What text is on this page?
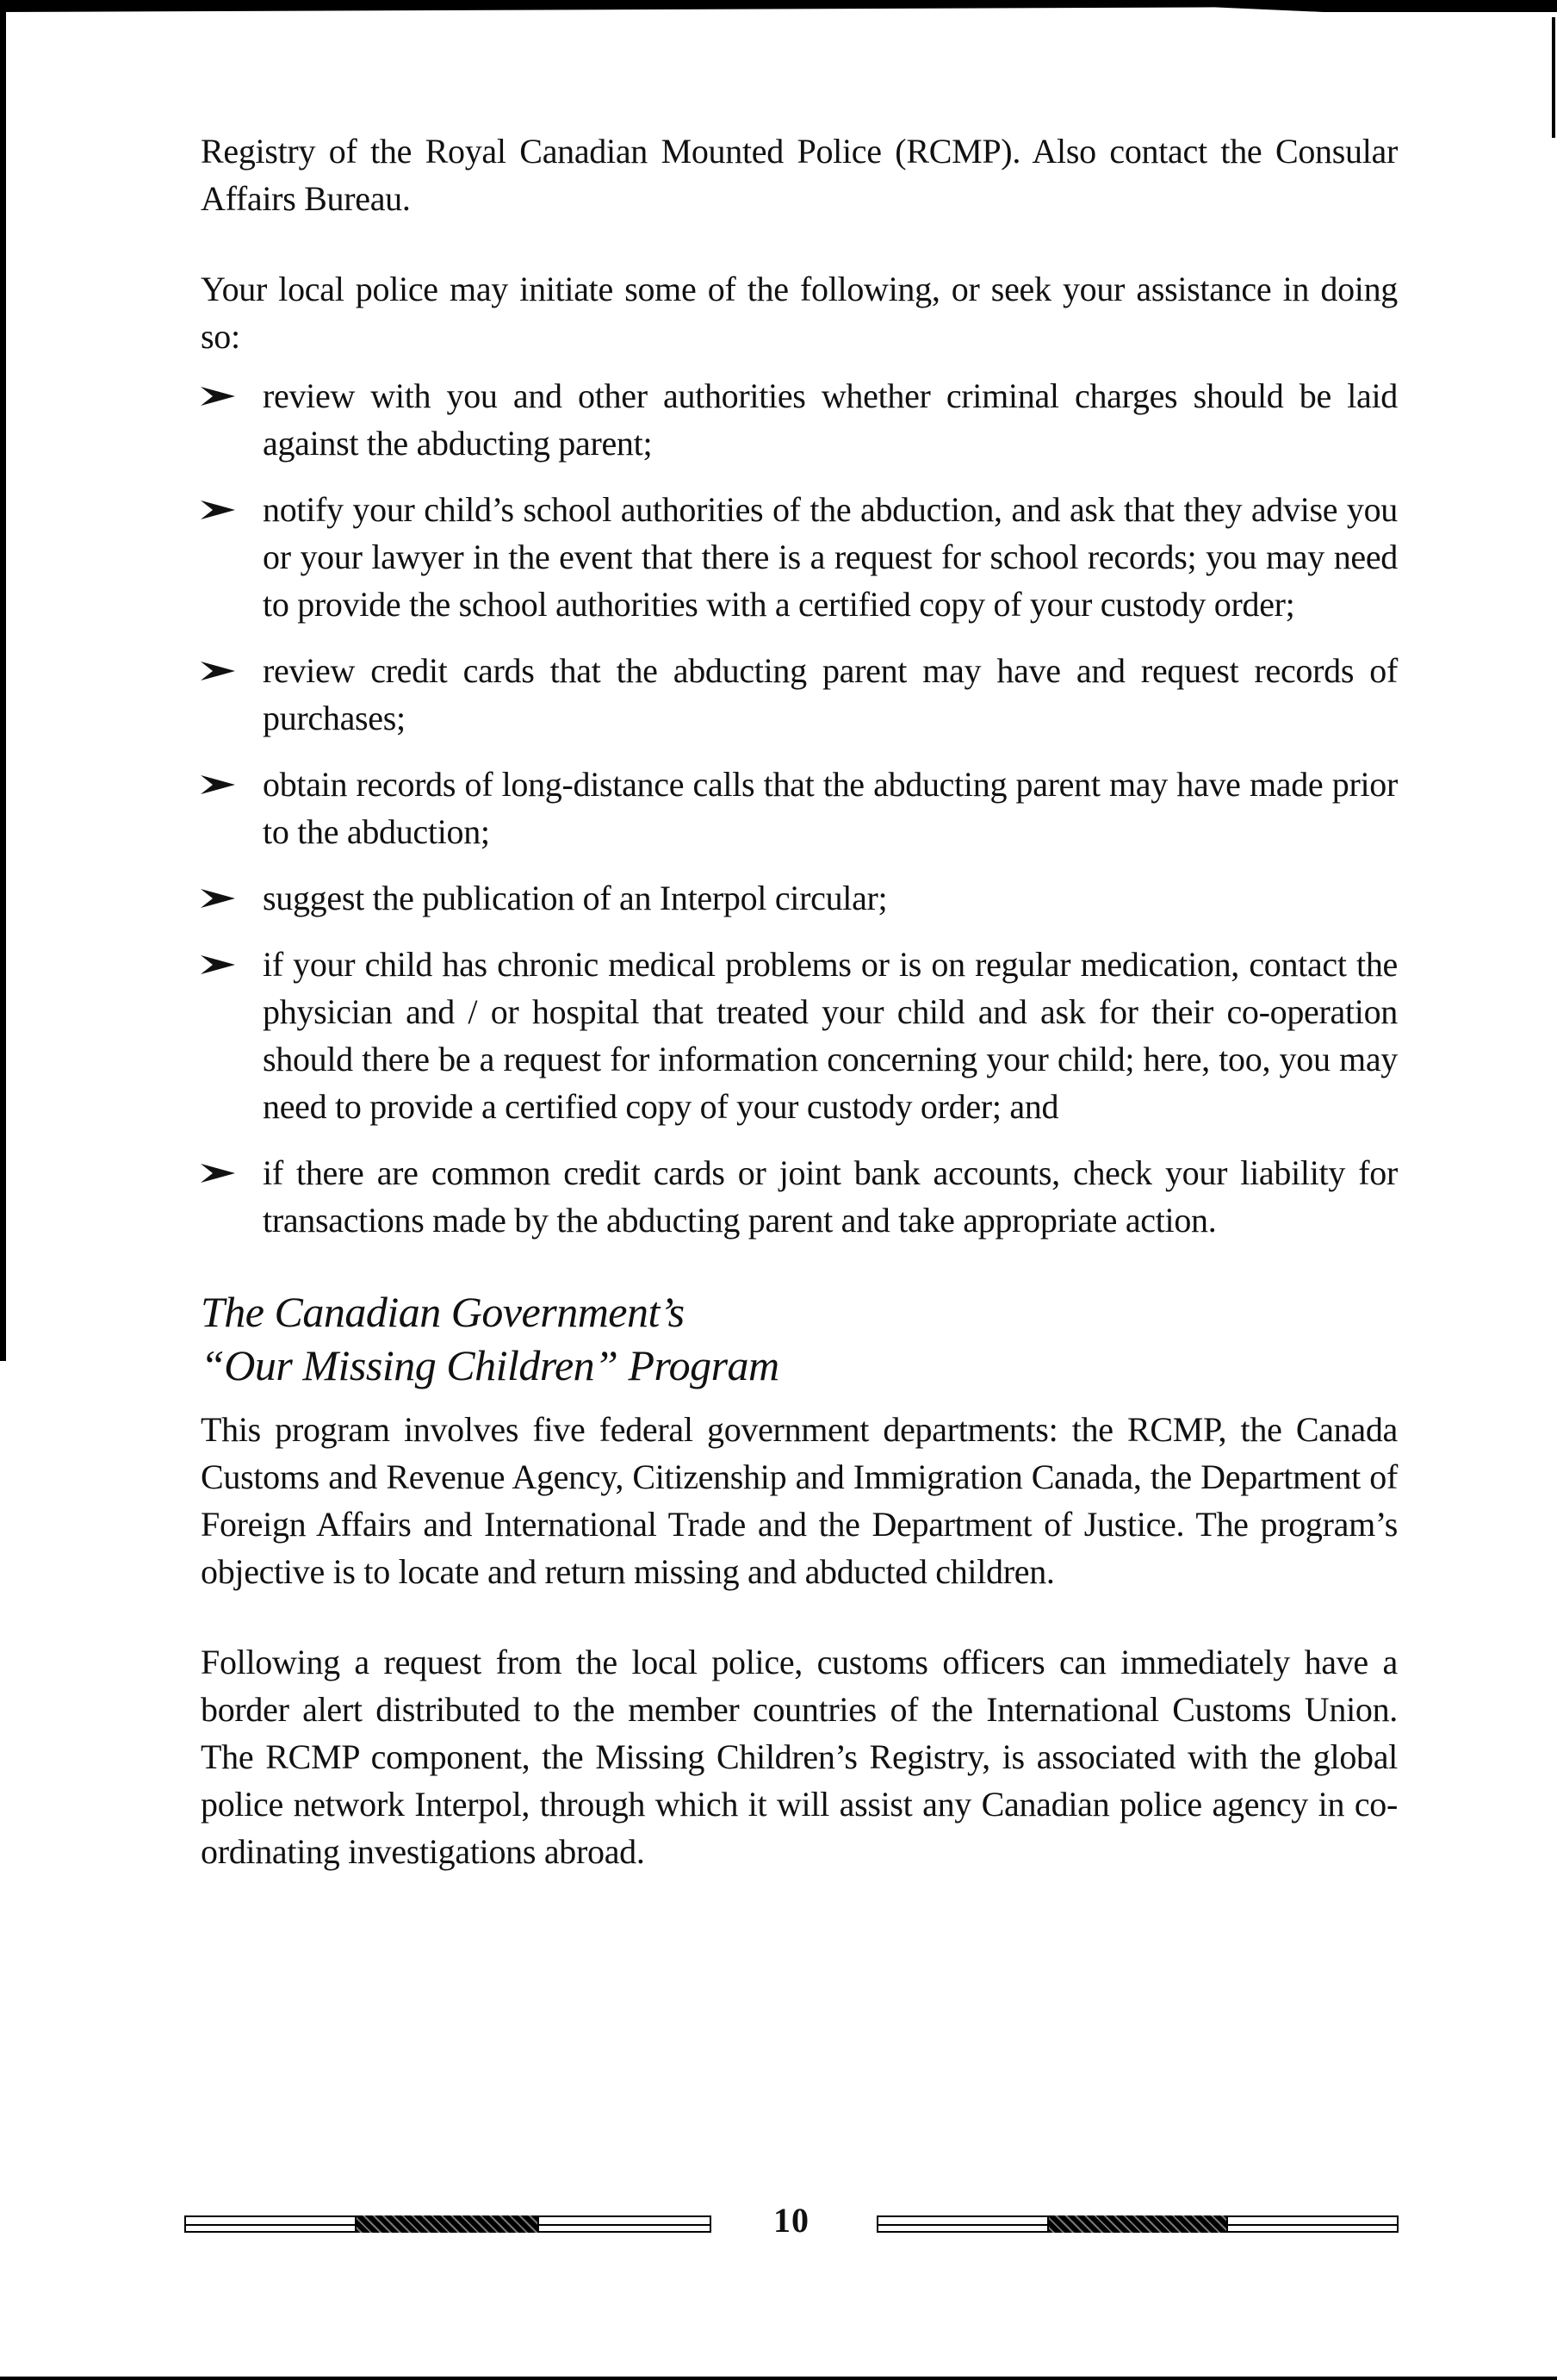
Registry of the Royal Canadian Mounted Police (RCMP). Also contact the Consular Affairs Bureau.

Your local police may initiate some of the following, or seek your assistance in doing so:

review with you and other authorities whether criminal charges should be laid against the abducting parent;
notify your child’s school authorities of the abduction, and ask that they advise you or your lawyer in the event that there is a request for school records; you may need to provide the school authorities with a certified copy of your custody order;
review credit cards that the abducting parent may have and request records of purchases;
obtain records of long-distance calls that the abducting parent may have made prior to the abduction;
suggest the publication of an Interpol circular;
if your child has chronic medical problems or is on regular medication, contact the physician and / or hospital that treated your child and ask for their co-operation should there be a request for information concerning your child; here, too, you may need to provide a certified copy of your custody order; and
if there are common credit cards or joint bank accounts, check your liability for transactions made by the abducting parent and take appropriate action.
The Canadian Government’s
“Our Missing Children” Program

This program involves five federal government departments: the RCMP, the Canada Customs and Revenue Agency, Citizenship and Immigration Canada, the Department of Foreign Affairs and International Trade and the Department of Justice. The program’s objective is to locate and return missing and abducted children.

Following a request from the local police, customs officers can immediately have a border alert distributed to the member countries of the International Customs Union. The RCMP component, the Missing Children’s Registry, is associated with the global police network Interpol, through which it will assist any Canadian police agency in co-ordinating investigations abroad.

10
